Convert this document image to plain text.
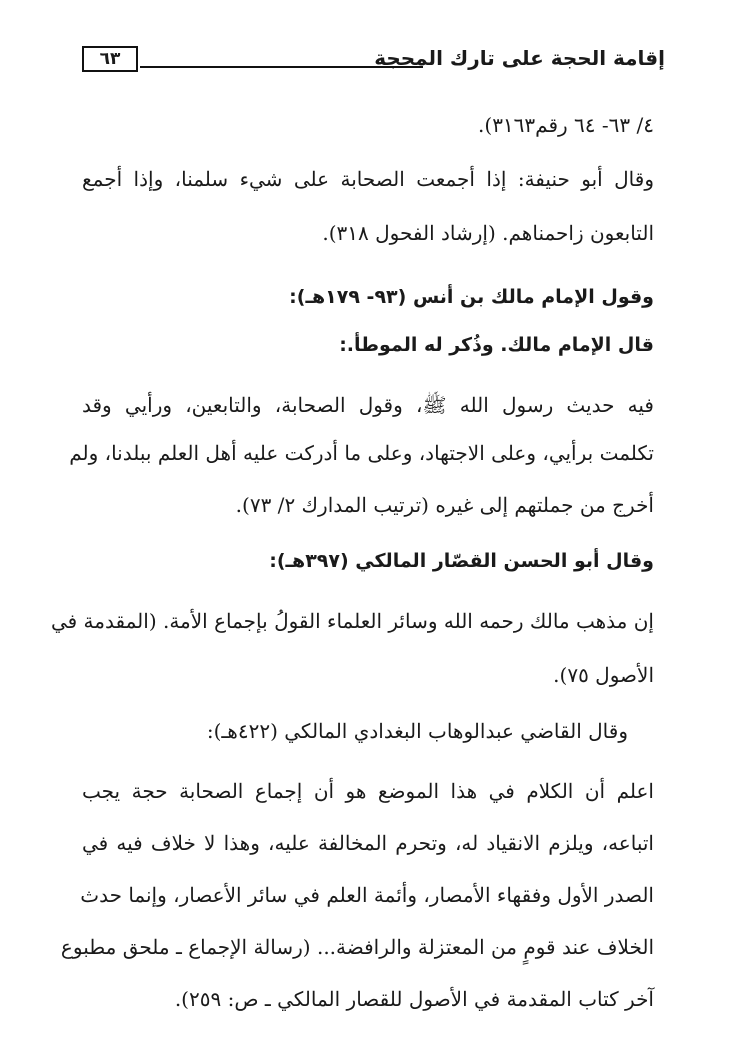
إقامة الحجة على تارك المحجة
٦٣
٤/ ٦٣- ٦٤ رقم٣١٦٣).
وقال أبو حنيفة: إذا أجمعت الصحابة على شيء سلمنا، وإذا أجمع
التابعون زاحمناهم. (إرشاد الفحول ٣١٨).
وقول الإمام مالك بن أنس (٩٣- ١٧٩هـ):
قال الإمام مالك. وذُكر له الموطأ.:
فيه حديث رسول الله ﷺ، وقول الصحابة، والتابعين، ورأيي وقد
تكلمت برأيي، وعلى الاجتهاد، وعلى ما أدركت عليه أهل العلم ببلدنا، ولم
أخرج من جملتهم إلى غيره (ترتيب المدارك ٢/ ٧٣).
وقال أبو الحسن القصّار المالكي (٣٩٧هـ):
إن مذهب مالك رحمه الله وسائر العلماء القولُ بإجماع الأمة. (المقدمة في
الأصول ٧٥).
وقال القاضي عبدالوهاب البغدادي المالكي (٤٢٢هـ):
اعلم أن الكلام في هذا الموضع هو أن إجماع الصحابة حجة يجب
اتباعه، ويلزم الانقياد له، وتحرم المخالفة عليه، وهذا لا خلاف فيه في
الصدر الأول وفقهاء الأمصار، وأئمة العلم في سائر الأعصار، وإنما حدث
الخلاف عند قومٍ من المعتزلة والرافضة... (رسالة الإجماع ـ ملحق مطبوع
آخر كتاب المقدمة في الأصول للقصار المالكي ـ ص: ٢٥٩).
